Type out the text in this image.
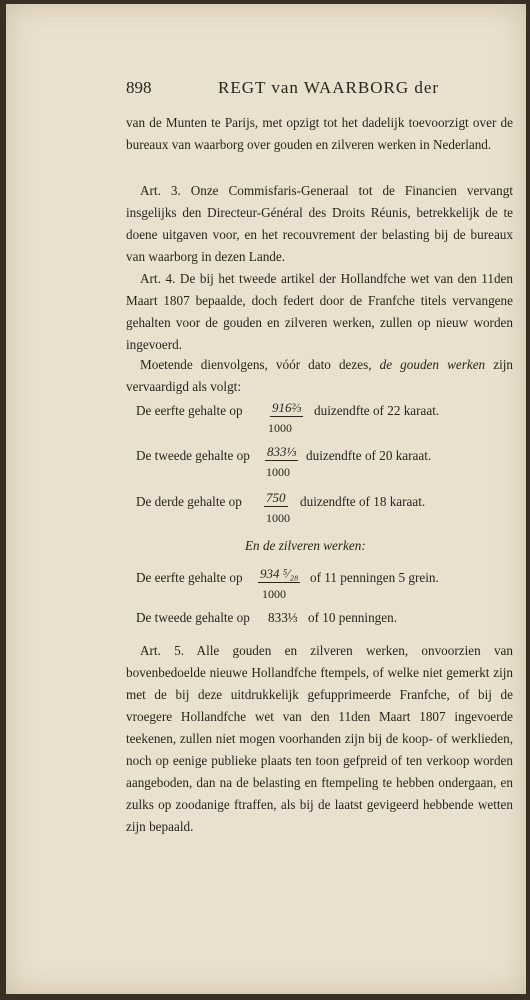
898	REGT van WAARBORG der

van de Munten te Parijs, met opzigt tot het dadelijk toevoorzigt over de bureaux van waarborg over gouden en zilveren werken in Nederland.

Art. 3. Onze Commisfaris-Generaal tot de Financien vervangt insgelijks den Directeur-Général des Droits Réunis, betrekkelijk de te doene uitgaven voor, en het recouvrement der belasting bij de bureaux van waarborg in dezen Lande.

Art. 4. De bij het tweede artikel der Hollandfche wet van den 11den Maart 1807 bepaalde, doch federt door de Franfche titels vervangene gehalten voor de gouden en zilveren werken, zullen op nieuw worden ingevoerd.

Moetende dienvolgens, vóór dato dezes, de gouden werken zijn vervaardigd als volgt:

De eerfte gehalte op 916⅔ duizendfte of 22 karaat.
1000
De tweede gehalte op 833⅓ duizendfte of 20 karaat.
1000
De derde gehalte op 750 duizendfte of 18 karaat.
1000
En de zilveren werken:
De eerfte gehalte op 934 ⁵⁄₂₈ of 11 penningen 5 grein.
1000
De tweede gehalte op 833⅓ of 10 penningen.

Art. 5. Alle gouden en zilveren werken, onvoorzien van bovenbedoelde nieuwe Hollandfche ftempels, of welke niet gemerkt zijn met de bij deze uitdrukkelijk gefupprimeerde Franfche, of bij de vroegere Hollandfche wet van den 11den Maart 1807 ingevoerde teekenen, zullen niet mogen voorhanden zijn bij de koop- of werklieden, noch op eenige publieke plaats ten toon gefpreid of ten verkoop worden aangeboden, dan na de belasting en ftempeling te hebben ondergaan, en zulks op zoodanige ftraffen, als bij de laatst gevigeerd hebbende wetten zijn bepaald.
